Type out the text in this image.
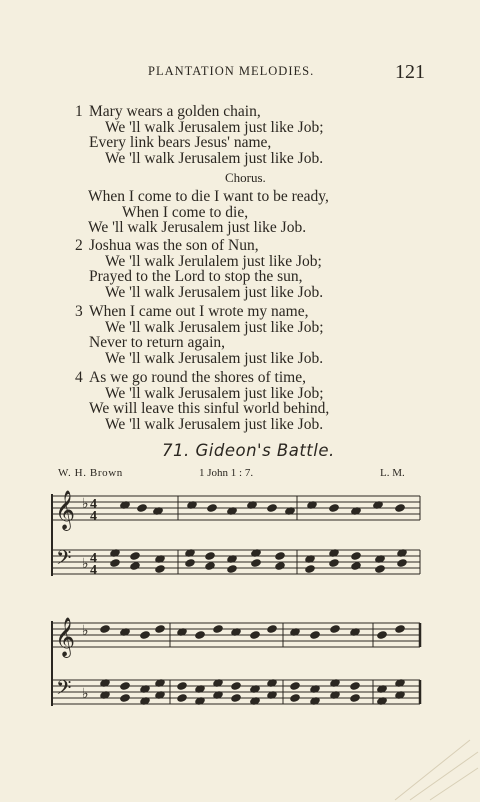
PLANTATION MELODIES.	121
1 Mary wears a golden chain,
We 'll walk Jerusalem just like Job;
Every link bears Jesus' name,
We 'll walk Jerusalem just like Job.
Chorus.
When I come to die I want to be ready,
When I come to die,
We 'll walk Jerusalem just like Job.
2 Joshua was the son of Nun,
We 'll walk Jerulalem just like Job;
Prayed to the Lord to stop the sun,
We 'll walk Jerusalem just like Job.
3 When I came out I wrote my name,
We 'll walk Jerusalem just like Job;
Never to return again,
We 'll walk Jerusalem just like Job.
4 As we go round the shores of time,
We 'll walk Jerusalem just like Job;
We will leave this sinful world behind,
We 'll walk Jerusalem just like Job.
71. Gideon's Battle.
W. H. Brown	1 John 1 : 7.	L. M.
𝄞
𝄢
♭
♭
𝄞
𝄢
♭
♭
4
4
4
4
